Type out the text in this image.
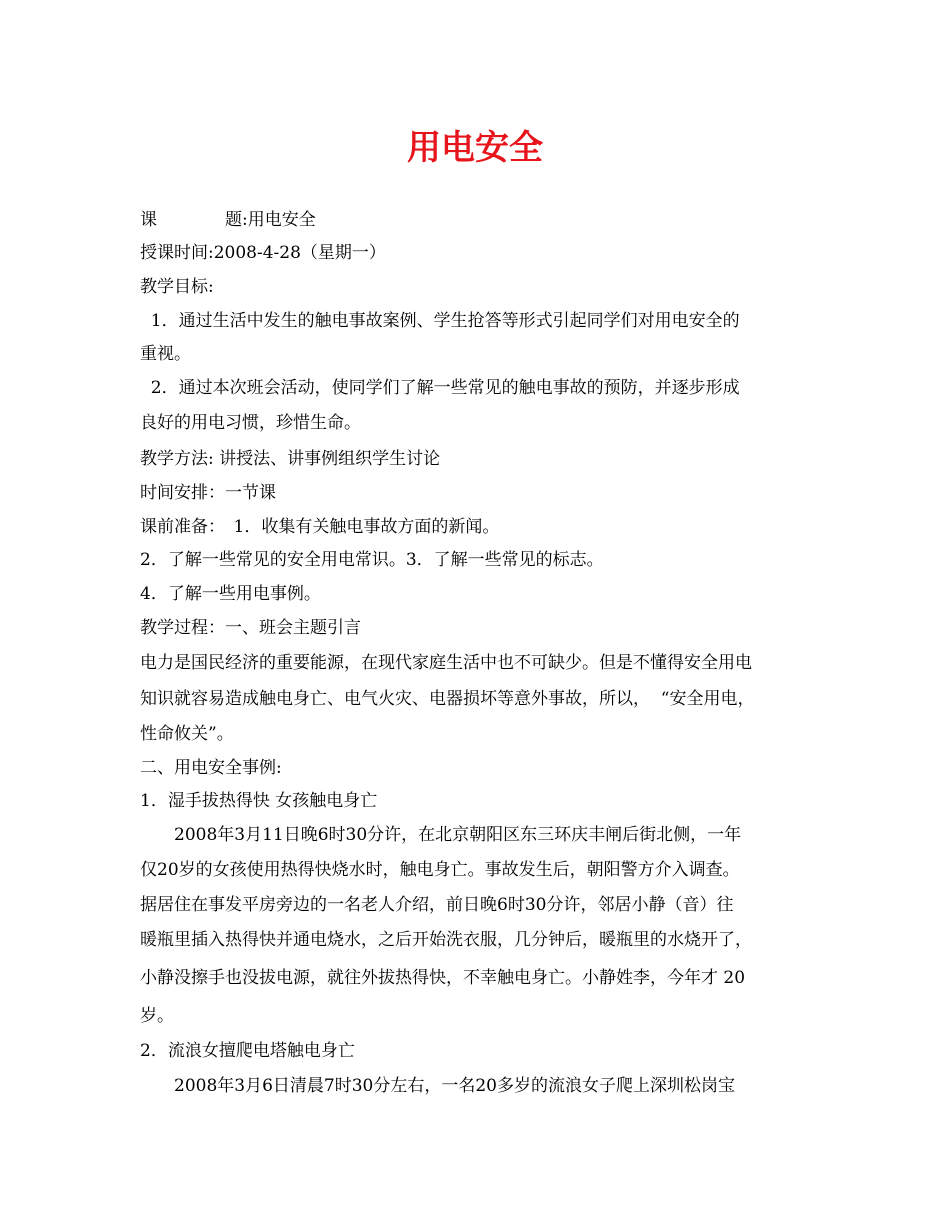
用电安全

课　　　　题:用电安全

授课时间:2008-4-28（星期一）

教学目标:

1．通过生活中发生的触电事故案例、学生抢答等形式引起同学们对用电安全的

重视。

2．通过本次班会活动，使同学们了解一些常见的触电事故的预防，并逐步形成

良好的用电习惯，珍惜生命。

教学方法: 讲授法、讲事例组织学生讨论

时间安排：一节课

课前准备：　1．收集有关触电事故方面的新闻。

2．了解一些常见的安全用电常识。3．了解一些常见的标志。

4．了解一些用电事例。

教学过程：一、班会主题引言

电力是国民经济的重要能源，在现代家庭生活中也不可缺少。但是不懂得安全用电

知识就容易造成触电身亡、电气火灾、电器损坏等意外事故，所以，  “安全用电，

性命攸关”。

二、用电安全事例:

1．湿手拔热得快 女孩触电身亡

　　2008年3月11日晚6时30分许，在北京朝阳区东三环庆丰闸后街北侧，一年

仅20岁的女孩使用热得快烧水时，触电身亡。事故发生后，朝阳警方介入调查。

据居住在事发平房旁边的一名老人介绍，前日晚6时30分许，邻居小静（音）往

暖瓶里插入热得快并通电烧水，之后开始洗衣服，几分钟后，暖瓶里的水烧开了，

小静没擦手也没拔电源，就往外拔热得快，不幸触电身亡。小静姓李，今年才 20

岁。

2．流浪女擅爬电塔触电身亡

　　2008年3月6日清晨7时30分左右，一名20多岁的流浪女子爬上深圳松岗宝
